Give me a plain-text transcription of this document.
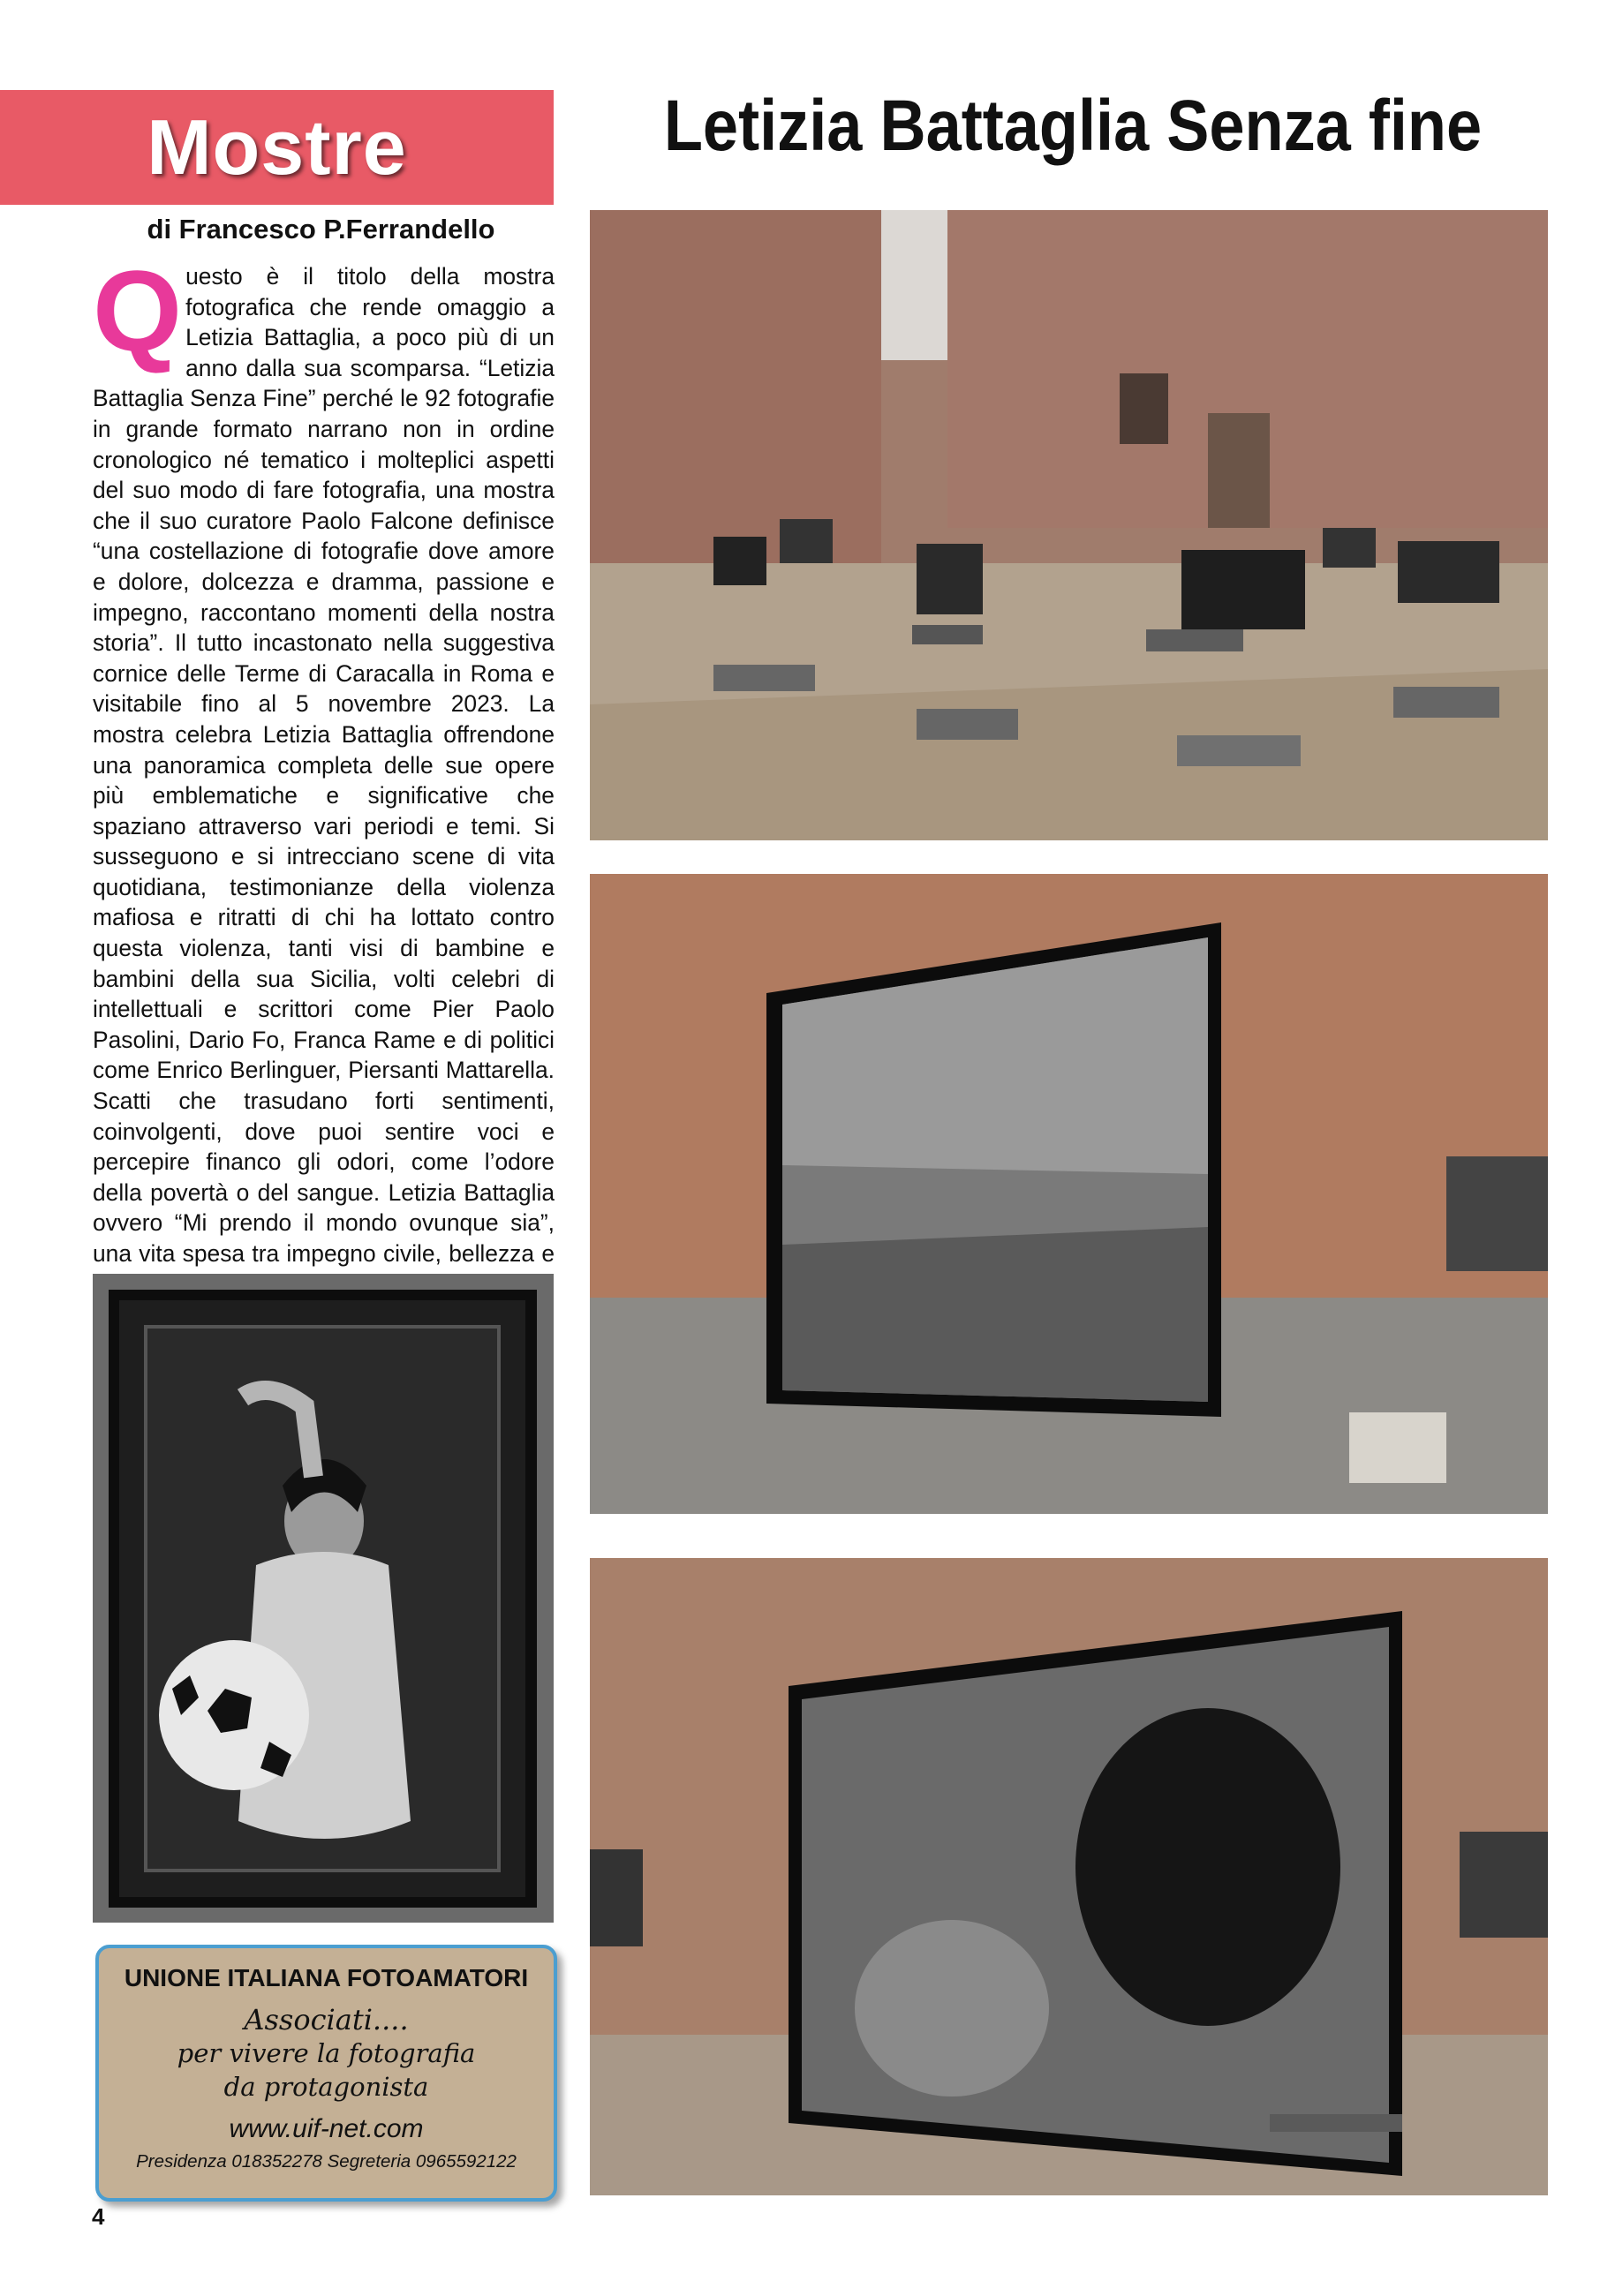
Mostre	Letizia Battaglia Senza fine
di Francesco P.Ferrandello

Questo è il titolo della mostra fotografica che rende omaggio a Letizia Battaglia, a poco più di un anno dalla sua scomparsa. “Letizia Battaglia Senza Fine” perché le 92 fotografie in grande formato narrano non in ordine cronologico né tematico i molteplici aspetti del suo modo di fare fotografia, una mostra che il suo curatore Paolo Falcone definisce “una costellazione di fotografie dove amore e dolore, dolcezza e dramma, passione e impegno, raccontano momenti della nostra storia”. Il tutto incastonato nella suggestiva cornice delle Terme di Caracalla in Roma e visitabile fino al 5 novembre 2023. La mostra celebra Letizia Battaglia offrendone una panoramica completa delle sue opere più emblematiche e significative che spaziano attraverso vari periodi e temi. Si susseguono e si intrecciano scene di vita quotidiana, testimonianze della violenza mafiosa e ritratti di chi ha lottato contro questa violenza, tanti visi di bambine e bambini della sua Sicilia, volti celebri di intellettuali e scrittori come Pier Paolo Pasolini, Dario Fo, Franca Rame e di politici come Enrico Berlinguer, Piersanti Mattarella. Scatti che trasudano forti sentimenti, coinvolgenti, dove puoi sentire voci e percepire financo gli odori, come l’odore della povertà o del sangue. Letizia Battaglia ovvero “Mi prendo il mondo ovunque sia”, una vita spesa tra impegno civile, bellezza e

UNIONE ITALIANA FOTOAMATORI
Associati....
per vivere la fotografia
da protagonista
www.uif-net.com
Presidenza 018352278 Segreteria 0965592122
4
